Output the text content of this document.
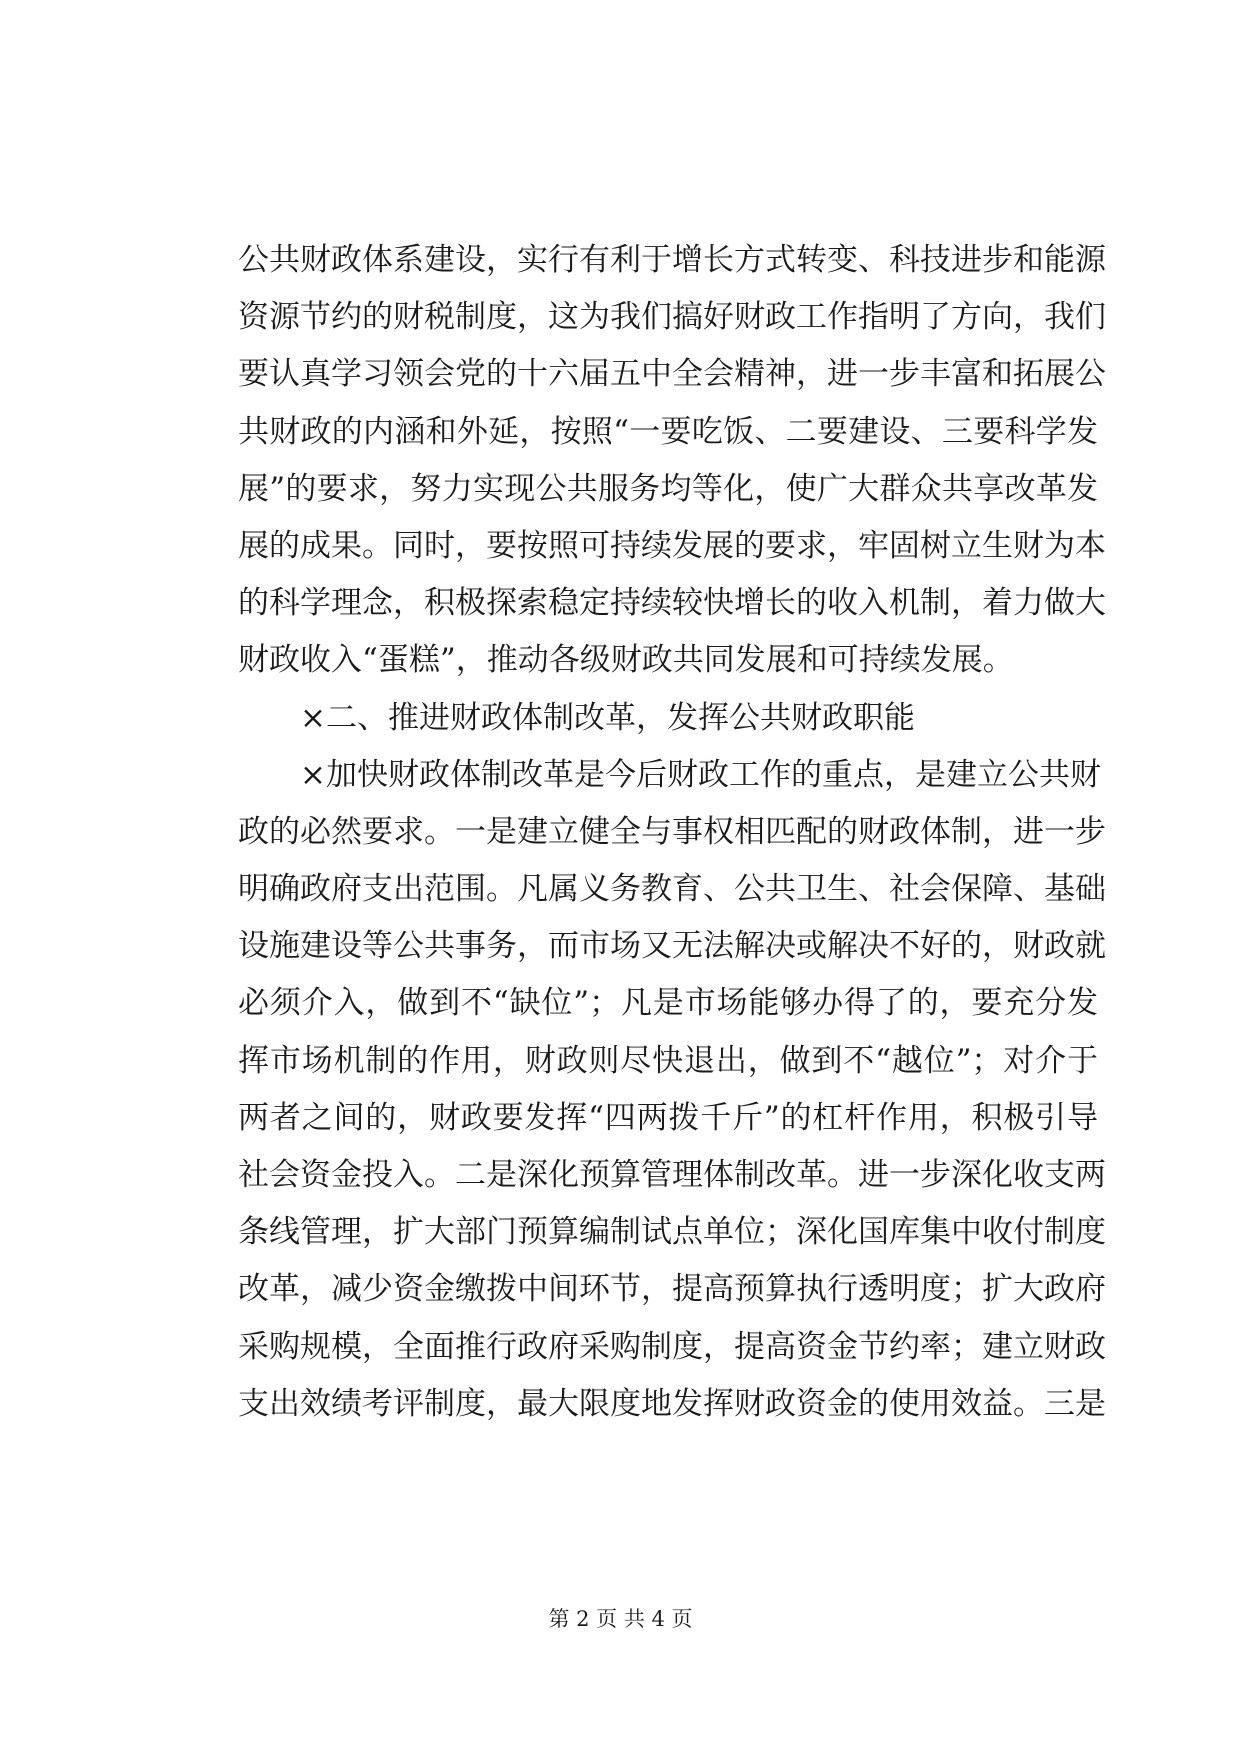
公共财政体系建设，实行有利于增长方式转变、科技进步和能源
资源节约的财税制度，这为我们搞好财政工作指明了方向，我们
要认真学习领会党的十六届五中全会精神，进一步丰富和拓展公
共财政的内涵和外延，按照“一要吃饭、二要建设、三要科学发
展”的要求，努力实现公共服务均等化，使广大群众共享改革发
展的成果。同时，要按照可持续发展的要求，牢固树立生财为本
的科学理念，积极探索稳定持续较快增长的收入机制，着力做大
财政收入“蛋糕”，推动各级财政共同发展和可持续发展。
×二、推进财政体制改革，发挥公共财政职能
×加快财政体制改革是今后财政工作的重点，是建立公共财
政的必然要求。一是建立健全与事权相匹配的财政体制，进一步
明确政府支出范围。凡属义务教育、公共卫生、社会保障、基础
设施建设等公共事务，而市场又无法解决或解决不好的，财政就
必须介入，做到不“缺位”；凡是市场能够办得了的，要充分发
挥市场机制的作用，财政则尽快退出，做到不“越位”；对介于
两者之间的，财政要发挥“四两拨千斤”的杠杆作用，积极引导
社会资金投入。二是深化预算管理体制改革。进一步深化收支两
条线管理，扩大部门预算编制试点单位；深化国库集中收付制度
改革，减少资金缴拨中间环节，提高预算执行透明度；扩大政府
采购规模，全面推行政府采购制度，提高资金节约率；建立财政
支出效绩考评制度，最大限度地发挥财政资金的使用效益。三是
第 2 页 共 4 页
